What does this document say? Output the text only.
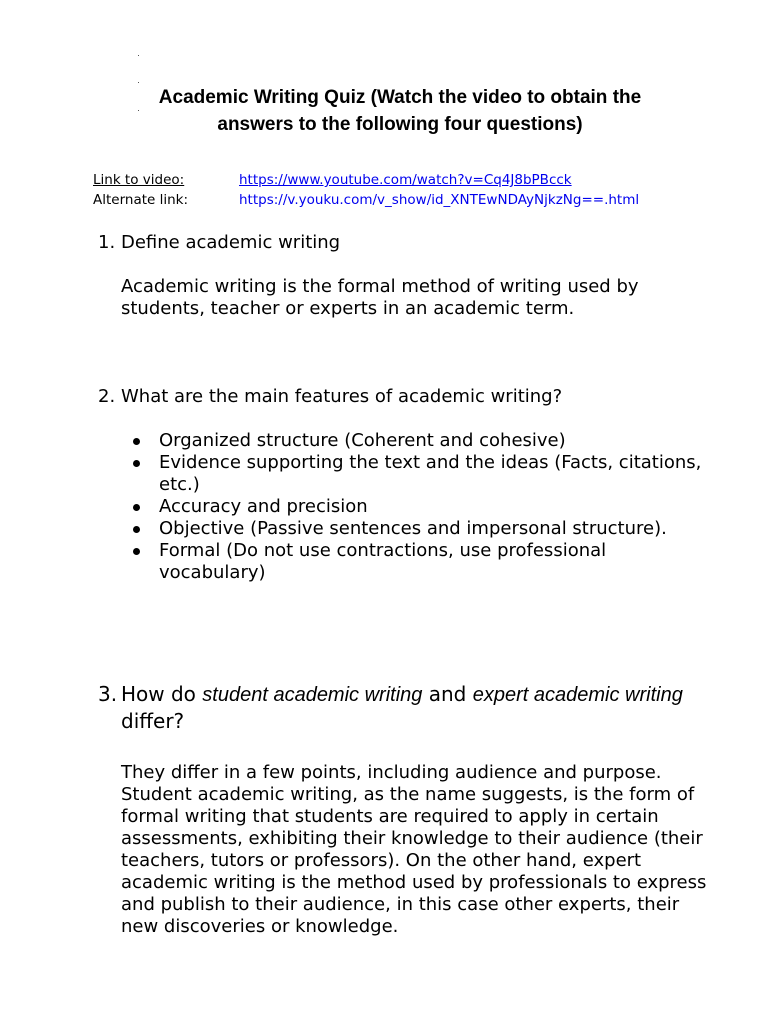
Academic Writing Quiz (Watch the video to obtain the answers to the following four questions)
Link to video:	https://www.youtube.com/watch?v=Cq4J8bPBcck
Alternate link:	https://v.youku.com/v_show/id_XNTEwNDAyNjkzNg==.html
1. Define academic writing
Academic writing is the formal method of writing used by students, teacher or experts in an academic term.
2. What are the main features of academic writing?
Organized structure (Coherent and cohesive)
Evidence supporting the text and the ideas (Facts, citations, etc.)
Accuracy and precision
Objective (Passive sentences and impersonal structure).
Formal (Do not use contractions, use professional vocabulary)
3. How do student academic writing and expert academic writing differ?
They differ in a few points, including audience and purpose. Student academic writing, as the name suggests, is the form of formal writing that students are required to apply in certain assessments, exhibiting their knowledge to their audience (their teachers, tutors or professors). On the other hand, expert academic writing is the method used by professionals to express and publish to their audience, in this case other experts, their new discoveries or knowledge.
